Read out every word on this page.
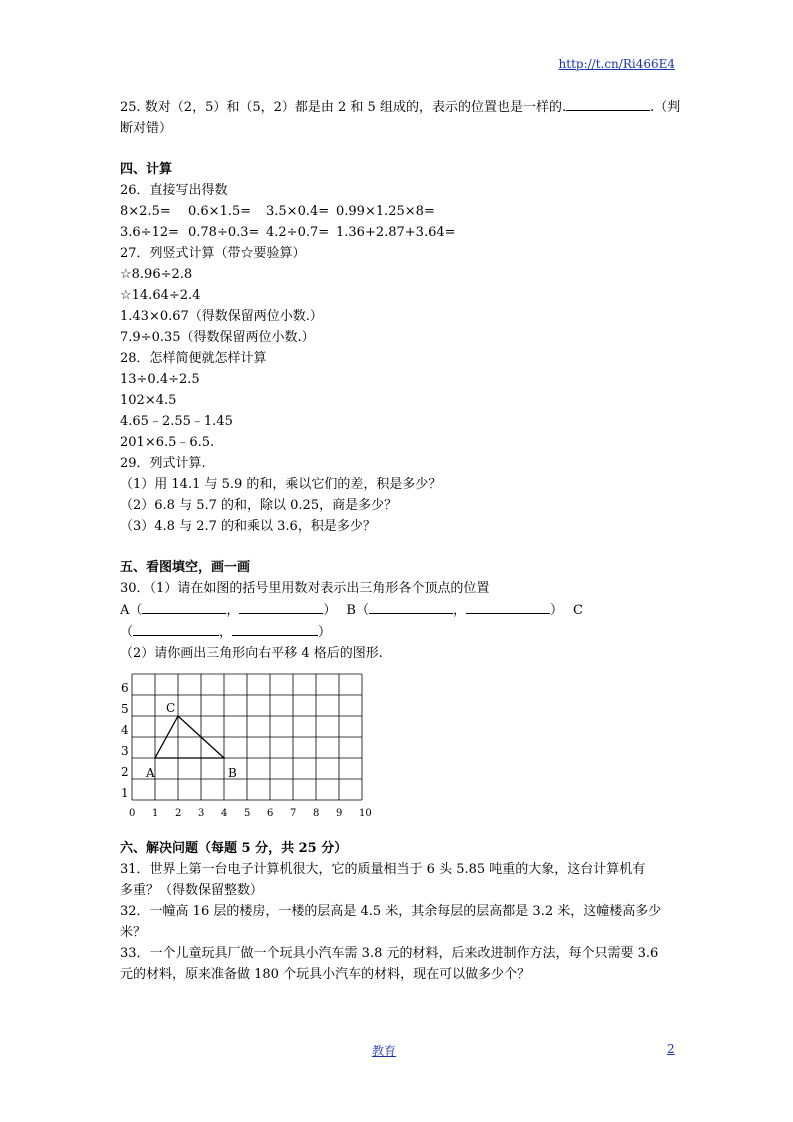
http://t.cn/Ri466E4
25. 数对（2，5）和（5，2）都是由 2 和 5 组成的，表示的位置也是一样的.	.（判
断对错）
四、计算
26．直接写出得数
8×2.5= 0.6×1.5= 3.5×0.4= 0.99×1.25×8=
3.6÷12= 0.78÷0.3= 4.2÷0.7= 1.36+2.87+3.64=
27．列竖式计算（带☆要验算）
☆8.96÷2.8
☆14.64÷2.4
1.43×0.67（得数保留两位小数.）
7.9÷0.35（得数保留两位小数.）
28．怎样简便就怎样计算
13÷0.4÷2.5
102×4.5
4.65﹣2.55﹣1.45
201×6.5﹣6.5.
29．列式计算.
（1）用 14.1 与 5.9 的和，乘以它们的差，积是多少？
（2）6.8 与 5.7 的和，除以 0.25，商是多少？
（3）4.8 与 2.7 的和乘以 3.6，积是多少？
五、看图填空，画一画
30．（1）请在如图的括号里用数对表示出三角形各个顶点的位置
A（	，	） B（	，	） C
（	，	）
（2）请你画出三角形向右平移 4 格后的图形.
1
2
3
4
5
6
0 1 2 3 4 5 6 7 8 9 10
A	B
C
六、解决问题（每题 5 分，共 25 分）
31．世界上第一台电子计算机很大，它的质量相当于 6 头 5.85 吨重的大象，这台计算机有
多重？（得数保留整数）
32．一幢高 16 层的楼房，一楼的层高是 4.5 米，其余每层的层高都是 3.2 米，这幢楼高多少
米？
33．一个儿童玩具厂做一个玩具小汽车需 3.8 元的材料，后来改进制作方法，每个只需要 3.6
元的材料，原来准备做 180 个玩具小汽车的材料，现在可以做多少个？
教育	2
